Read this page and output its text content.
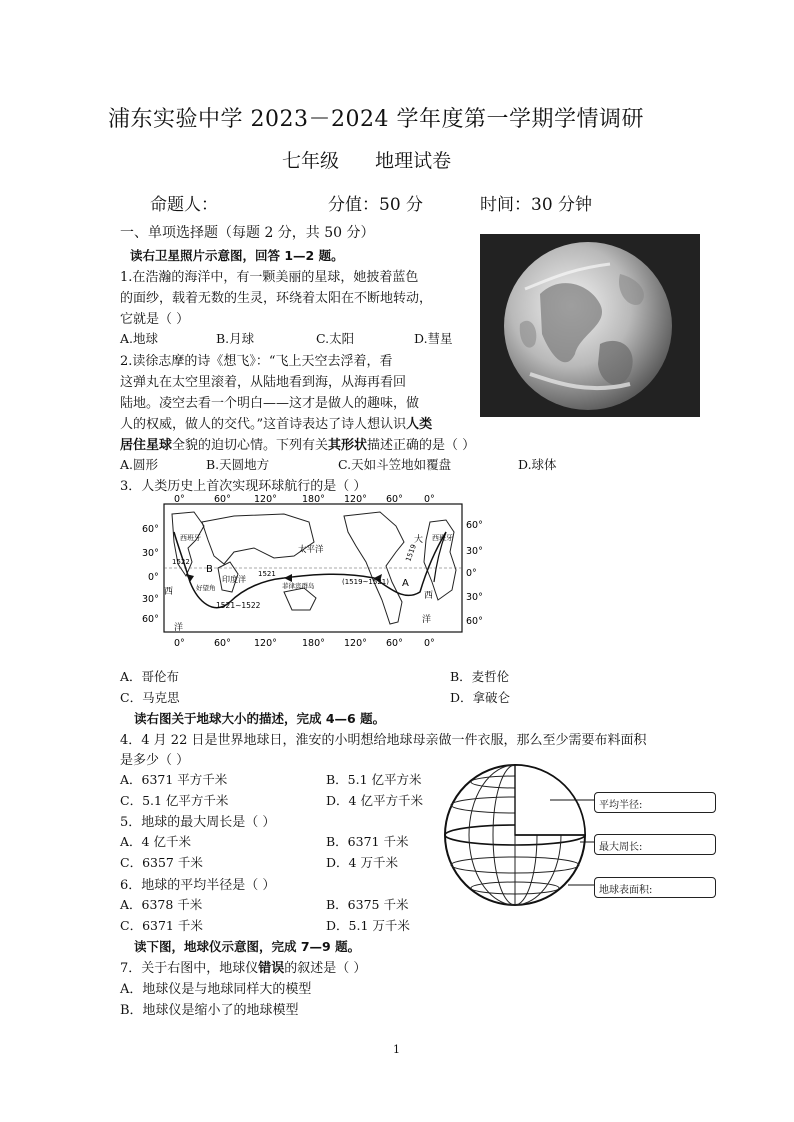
浦东实验中学 2023－2024 学年度第一学期学情调研
七年级 地理试卷
命题人：	分值：50 分	时间：30 分钟
一、单项选择题（每题 2 分，共 50 分）
读右卫星照片示意图，回答 1—2 题。
1.在浩瀚的海洋中，有一颗美丽的星球，她披着蓝色
的面纱，载着无数的生灵，环绕着太阳在不断地转动，
它就是（ ）
A.地球	B.月球	C.太阳	D.彗星
2.读徐志摩的诗《想飞》：“飞上天空去浮着，看
这弹丸在太空里滚着，从陆地看到海，从海再看回
陆地。凌空去看一个明白——这才是做人的趣味，做
人的权威，做人的交代。”这首诗表达了诗人想认识人类
居住星球全貌的迫切心情。下列有关其形状描述正确的是（ ）
A.圆形	B.天圆地方	C.天如斗笠地如覆盘	D.球体
3．人类历史上首次实现环球航行的是（ ）
0°	60° 120°	180° 120° 60° 0°
0°	60° 120°	180° 120° 60° 0°
60°
30°
0°
30°
60°
60°
30°
0°
30°
60°
太平洋
印度洋
菲律宾群岛
1521
1522
1521~1522
(1519~1521)
1519
西班牙	西班牙
好望角
大
西	西
洋
洋
A
B
A．哥伦布	B．麦哲伦
C．马克思	D．拿破仑
读右图关于地球大小的描述，完成 4—6 题。
4．4 月 22 日是世界地球日，淮安的小明想给地球母亲做一件衣服，那么至少需要布料面积
是多少（ ）
A．6371 平方千米	B．5.1 亿平方米
C．5.1 亿平方千米	D．4 亿平方千米
5．地球的最大周长是（ ）
A．4 亿千米	B．6371 千米
C．6357 千米	D．4 万千米
6．地球的平均半径是（ ）
A．6378 千米	B．6375 千米
C．6371 千米	D．5.1 万千米
平均半径:
最大周长:
地球表面积:
读下图，地球仪示意图，完成 7—9 题。
7．关于右图中，地球仪错误的叙述是（ ）
A．地球仪是与地球同样大的模型
B．地球仪是缩小了的地球模型
1
